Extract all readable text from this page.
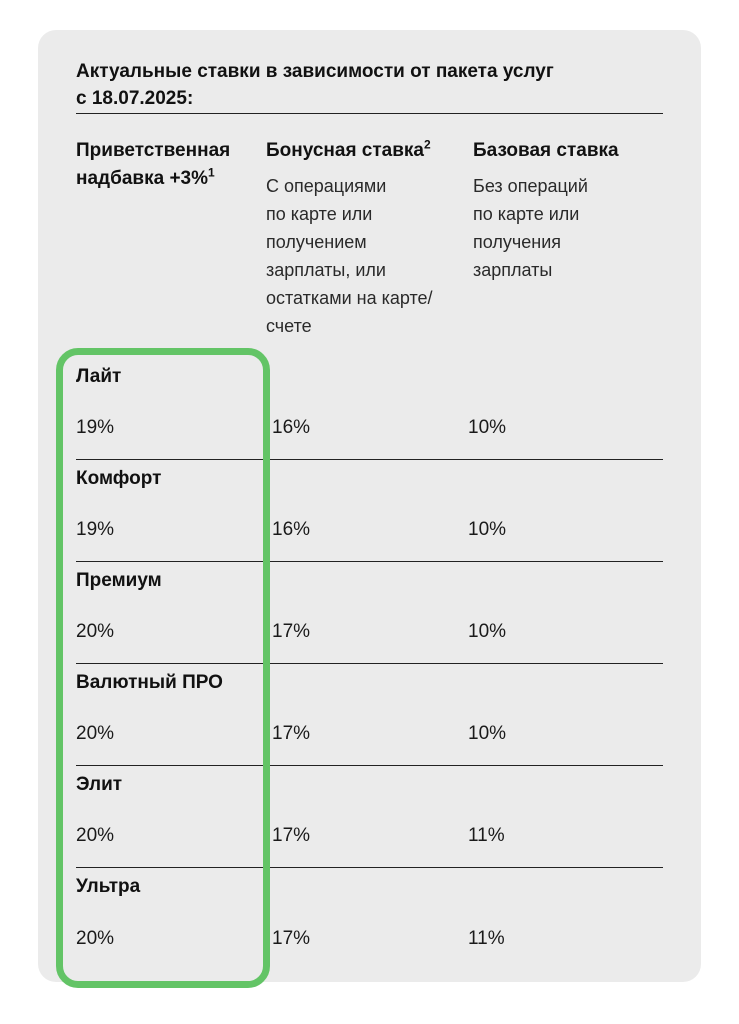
Актуальные ставки в зависимости от пакета услуг
с 18.07.2025:
Приветственная
надбавка +3%$^1$
Бонусная ставка$^2$
С операциями
по карте или
получением
зарплаты, или
остатками на карте/
счете
Базовая ставка
Без операций
по карте или
получения
зарплаты
Лайт
19%	16%	10%
Комфорт
19%	16%	10%
Премиум
20%	17%	10%
Валютный ПРО
20%	17%	10%
Элит
20%	17%	11%
Ультра
20%	17%	11%
